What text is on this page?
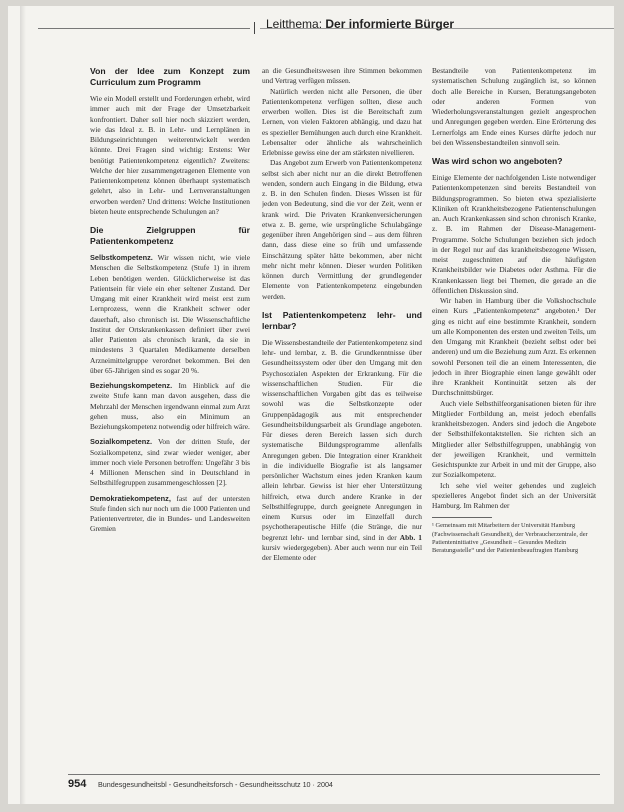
Leitthema: Der informierte Bürger
Von der Idee zum Konzept zum Curriculum zum Programm

Wie ein Modell erstellt und Forderungen erhebt, wird immer auch mit der Frage der Umsetzbarkeit konfrontiert. Daher soll hier noch skizziert werden, wie das Ideal z. B. in Lehr- und Lernplänen in Bildungseinrichtungen weiterentwickelt werden könnte. Drei Fragen sind wichtig: Erstens: Wer benötigt Patientenkompetenz eigentlich? Zweitens: Welche der hier zusammengetragenen Elemente von Patientenkompetenz können überhaupt systematisch gelehrt, also in Lehr- und Lernveranstaltungen erworben werden? Und drittens: Welche Institutionen bieten heute entsprechende Schulungen an?

Die Zielgruppen für Patientenkompetenz

Selbstkompetenz. Wir wissen nicht, wie viele Menschen die Selbstkompetenz (Stufe 1) in ihrem Leben benötigen werden. Glücklicherweise ist das Patientsein für viele ein eher seltener Zustand. Der Umgang mit einer Krankheit wird meist erst zum Lernprozess, wenn die Krankheit schwer oder dauerhaft, also chronisch ist. Die Wissenschaftliche Institut der Ortskrankenkassen definiert über zwei aller Patienten als chronisch krank, da sie in mindestens 3 Quartalen Medikamente derselben Arzneimittelgruppe verordnet bekommen. Bei den über 65-Jährigen sind es sogar 20 %.

Beziehungskompetenz. Im Hinblick auf die zweite Stufe kann man davon ausgehen, dass die Mehrzahl der Menschen irgendwann einmal zum Arzt gehen muss, also ein Minimum an Beziehungskompetenz notwendig oder hilfreich wäre.

Sozialkompetenz. Von der dritten Stufe, der Sozialkompetenz, sind zwar wieder weniger, aber immer noch viele Personen betroffen: Ungefähr 3 bis 4 Millionen Menschen sind in Deutschland in Selbsthilfegruppen zusammengeschlossen [2].

Demokratiekompetenz, fast auf der untersten Stufe finden sich nur noch um die 1000 Patienten und Patientenvertreter, die in Bundes- und Landesweiten Gremien

an die Gesundheitswesen ihre Stimmen bekommen und Vertrag verfügen müssen.

Natürlich werden nicht alle Personen, die über Patientenkompetenz verfügen sollten, diese auch erwerben wollen. Dies ist die Bereitschaft zum Lernen, von vielen Faktoren abhängig, und dazu hat es spezieller Bemühungen auch durch eine Krankheit. Lebensalter oder ähnliche als wahrscheinlich Erlebnisse gewiss eine der am stärksten nivellieren.

Das Angebot zum Erwerb von Patientenkompetenz selbst sich aber nicht nur an die direkt Betroffenen wenden, sondern auch Eingang in die Bildung, etwa z. B. in den Schulen finden. Dieses Wissen ist für jeden von Bedeutung, sind die vor der Zeit, wenn er krank wird. Die Privaten Krankenversicherungen etwa z. B. gerne, wie ursprüngliche Schulabgänge gegenüber ihren Angehörigen sind – aus dem führen dann, dass diese eine so früh und umfassende Einschätzung später hätte bekommen, aber nicht mehr nicht mehr können. Dieser wurden Politiken können durch Vermittlung der grundlegender Elemente von Patientenkompetenz eingebunden werden.

Ist Patientenkompetenz lehr- und lernbar?

Die Wissensbestandteile der Patientenkompetenz sind lehr- und lernbar, z. B. die Grundkenntnisse über Gesundheitssystem oder über den Umgang mit den Psychosozialen Aspekten der Erkrankung. Für die wissenschaftlichen Studien. Für die wissenschaftlichen Vorgaben gibt das es teilweise sowohl was die Selbstkonzepte oder Gruppenpädagogik aus mit entsprechender Gesundheitsbildungsarbeit als Grundlage angeboten. Für dieses deren Bereich lassen sich durch systematische Bildungsprogramme allenfalls Anregungen geben. Die Integration einer Krankheit in die individuelle Biografie ist als langsamer persönlicher Wachstum eines jeden Kranken kaum allein lehrbar. Gewiss ist hier eher Unterstützung hilfreich, etwa durch andere Kranke in der Selbsthilfegruppe, durch geeignete Anregungen in einem Kursus oder im Einzelfall durch psychotherapeutische Hilfe (die Stränge, die nur begrenzt lehr- und lernbar sind, sind in der Abb. 1 kursiv wiedergegeben). Aber auch wenn nur ein Teil der Elemente oder

Bestandteile von Patientenkompetenz im systematischen Schulung zugänglich ist, so können doch alle Bereiche in Kursen, Beratungsangeboten oder anderen Formen von Wiederholungsveranstaltungen gezielt angesprochen und Anregungen gegeben werden. Eine Erörterung des Lernerfolgs am Ende eines Kurses dürfte jedoch nur bei den Wissensbestandteilen sinnvoll sein.

Was wird schon wo angeboten?

Einige Elemente der nachfolgenden Liste notwendiger Patientenkompetenzen sind bereits Bestandteil von Bildungsprogrammen. So bieten etwa spezialisierte Kliniken oft Krankheitsbezogene Patientenschulungen an. Auch Krankenkassen sind schon chronisch Kranke, z. B. im Rahmen der Disease-Management-Programme. Solche Schulungen beziehen sich jedoch in der Regel nur auf das krankheitsbezogene Wissen, meist zugeschnitten auf die häufigsten Krankheitsbilder wie Diabetes oder Asthma. Für die Krankenkassen liegt bei Themen, die gerade an die öffentlichen Diskussion sind.

Wir haben in Hamburg über die Volkshochschule einen Kurs „Patientenkompetenz“ angeboten.¹ Der ging es nicht auf eine bestimmte Krankheit, sondern um alle Komponenten des ersten und zweiten Teils, um den Umgang mit Krankheit (bezieht selbst oder bei anderen) und um die Beziehung zum Arzt. Es erkennen sowohl Personen teil die an einem Interessenten, die jedoch in ihrer Biographie einen lange gewählt oder ihre Krankheit Kontinuität setzen als der Durchschnittsbürger.

Auch viele Selbsthilfeorganisationen bieten für ihre Mitglieder Fortbildung an, meist jedoch ebenfalls krankheitsbezogen. Anders sind jedoch die Angebote der Selbsthilfekontaktstellen. Sie richten sich an Mitglieder aller Selbsthilfegruppen, unabhängig von der jeweiligen Krankheit, und vermitteln Gesichtspunkte zur Arbeit in und mit der Gruppe, also zur Sozialkompetenz.

Ich sehe viel weiter gehendes und zugleich spezielleres Angebot findet sich an der Universität Hamburg. Im Rahmen der

¹ Gemeinsam mit Mitarbeitern der Universität Hamburg (Fachwissenschaft Gesundheit), der Verbraucherzentrale, der Patienteninitiative „Gesundheit – Gesundes Medizin Beratungsstelle“ und der Patientenbeauftragten Hamburg
954 Bundesgesundheitsbl - Gesundheitsforsch - Gesundheitsschutz 10 · 2004
